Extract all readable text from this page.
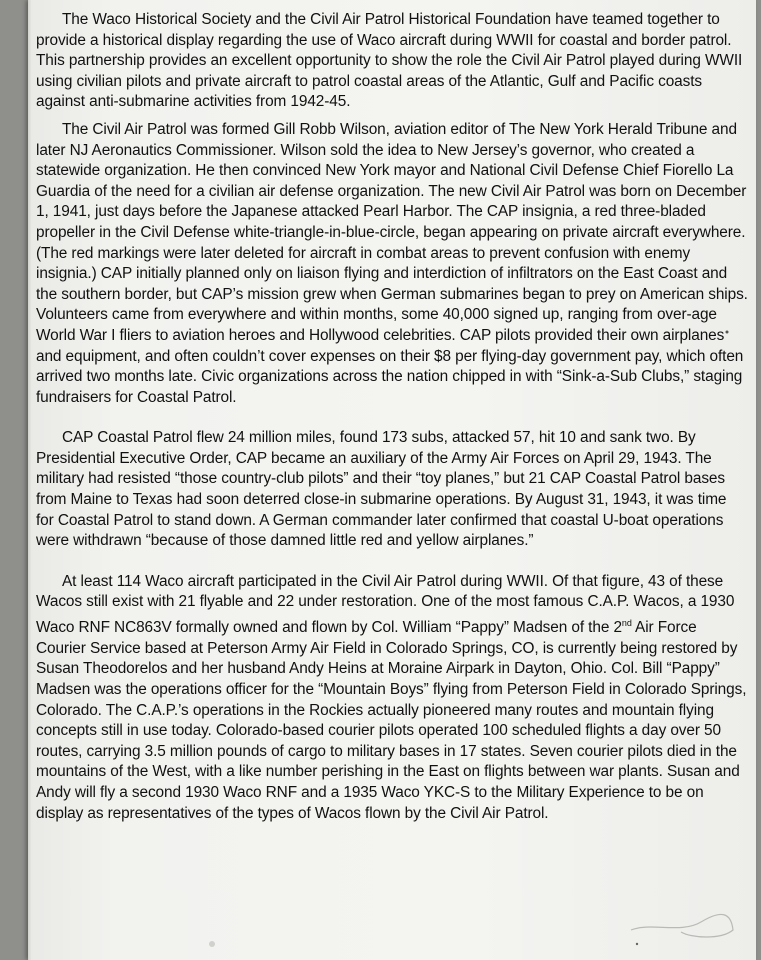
The Waco Historical Society and the Civil Air Patrol Historical Foundation have teamed together to provide a historical display regarding the use of Waco aircraft during WWII for coastal and border patrol. This partnership provides an excellent opportunity to show the role the Civil Air Patrol played during WWII using civilian pilots and private aircraft to patrol coastal areas of the Atlantic, Gulf and Pacific coasts against anti-submarine activities from 1942-45.

The Civil Air Patrol was formed Gill Robb Wilson, aviation editor of The New York Herald Tribune and later NJ Aeronautics Commissioner. Wilson sold the idea to New Jersey’s governor, who created a statewide organization. He then convinced New York mayor and National Civil Defense Chief Fiorello La Guardia of the need for a civilian air defense organization. The new Civil Air Patrol was born on December 1, 1941, just days before the Japanese attacked Pearl Harbor. The CAP insignia, a red three-bladed propeller in the Civil Defense white-triangle-in-blue-circle, began appearing on private aircraft everywhere. (The red markings were later deleted for aircraft in combat areas to prevent confusion with enemy insignia.) CAP initially planned only on liaison flying and interdiction of infiltrators on the East Coast and the southern border, but CAP’s mission grew when German submarines began to prey on American ships. Volunteers came from everywhere and within months, some 40,000 signed up, ranging from over-age World War I fliers to aviation heroes and Hollywood celebrities. CAP pilots provided their own airplanes and equipment, and often couldn’t cover expenses on their $8 per flying-day government pay, which often arrived two months late. Civic organizations across the nation chipped in with “Sink-a-Sub Clubs,” staging fundraisers for Coastal Patrol.

CAP Coastal Patrol flew 24 million miles, found 173 subs, attacked 57, hit 10 and sank two. By Presidential Executive Order, CAP became an auxiliary of the Army Air Forces on April 29, 1943. The military had resisted “those country-club pilots” and their “toy planes,” but 21 CAP Coastal Patrol bases from Maine to Texas had soon deterred close-in submarine operations. By August 31, 1943, it was time for Coastal Patrol to stand down. A German commander later confirmed that coastal U-boat operations were withdrawn “because of those damned little red and yellow airplanes.”

At least 114 Waco aircraft participated in the Civil Air Patrol during WWII. Of that figure, 43 of these Wacos still exist with 21 flyable and 22 under restoration. One of the most famous C.A.P. Wacos, a 1930 Waco RNF NC863V formally owned and flown by Col. William “Pappy” Madsen of the 2nd Air Force Courier Service based at Peterson Army Air Field in Colorado Springs, CO, is currently being restored by Susan Theodorelos and her husband Andy Heins at Moraine Airpark in Dayton, Ohio. Col. Bill “Pappy” Madsen was the operations officer for the “Mountain Boys” flying from Peterson Field in Colorado Springs, Colorado. The C.A.P.’s operations in the Rockies actually pioneered many routes and mountain flying concepts still in use today. Colorado-based courier pilots operated 100 scheduled flights a day over 50 routes, carrying 3.5 million pounds of cargo to military bases in 17 states. Seven courier pilots died in the mountains of the West, with a like number perishing in the East on flights between war plants. Susan and Andy will fly a second 1930 Waco RNF and a 1935 Waco YKC-S to the Military Experience to be on display as representatives of the types of Wacos flown by the Civil Air Patrol.
